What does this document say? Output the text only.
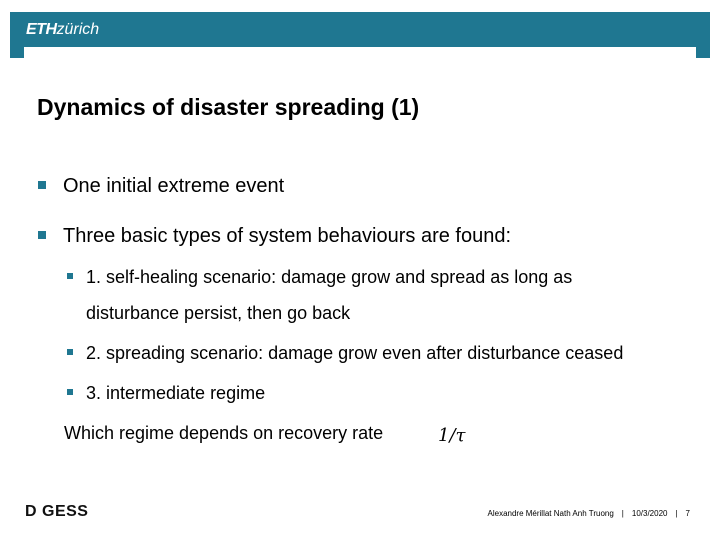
ETHzürich
Dynamics of disaster spreading (1)
One initial extreme event
Three basic types of system behaviours are found:
1. self-healing scenario: damage grow and spread as long as
disturbance persist, then go back
2. spreading scenario: damage grow even after disturbance ceased
3. intermediate regime
Which regime depends on recovery rate	1/τ
D GESS	Alexandre Mérillat Nath Anh Truong | 10/3/2020 | 7
